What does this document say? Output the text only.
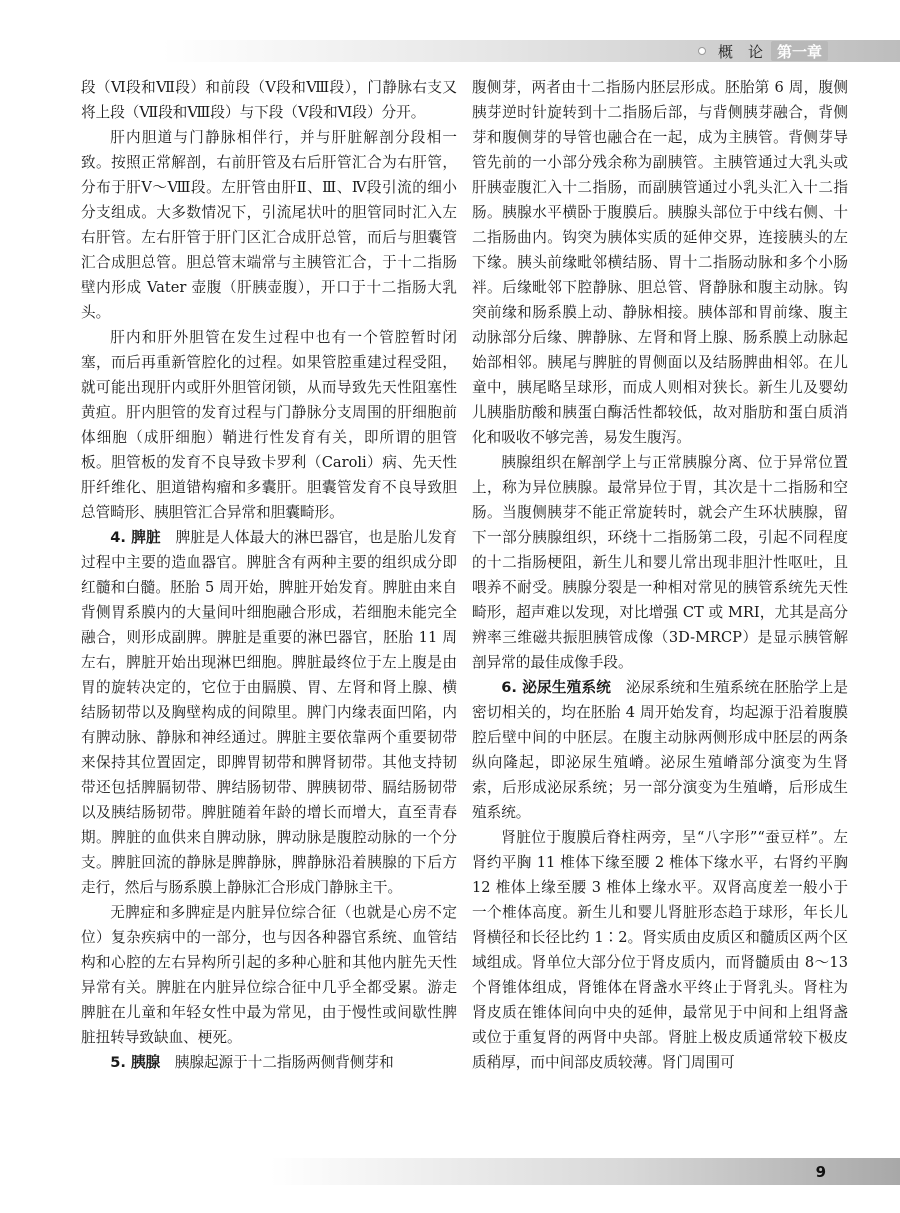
概　论 第一章

段（Ⅵ段和Ⅶ段）和前段（Ⅴ段和Ⅷ段），门静脉右支又将上段（Ⅶ段和Ⅷ段）与下段（Ⅴ段和Ⅵ段）分开。

肝内胆道与门静脉相伴行，并与肝脏解剖分段相一致。按照正常解剖，右前肝管及右后肝管汇合为右肝管，分布于肝Ⅴ～Ⅷ段。左肝管由肝Ⅱ、Ⅲ、Ⅳ段引流的细小分支组成。大多数情况下，引流尾状叶的胆管同时汇入左右肝管。左右肝管于肝门区汇合成肝总管，而后与胆囊管汇合成胆总管。胆总管末端常与主胰管汇合，于十二指肠壁内形成 Vater 壶腹（肝胰壶腹），开口于十二指肠大乳头。

肝内和肝外胆管在发生过程中也有一个管腔暂时闭塞，而后再重新管腔化的过程。如果管腔重建过程受阻，就可能出现肝内或肝外胆管闭锁，从而导致先天性阻塞性黄疸。肝内胆管的发育过程与门静脉分支周围的肝细胞前体细胞（成肝细胞）鞘进行性发育有关，即所谓的胆管板。胆管板的发育不良导致卡罗利（Caroli）病、先天性肝纤维化、胆道错构瘤和多囊肝。胆囊管发育不良导致胆总管畸形、胰胆管汇合异常和胆囊畸形。

4. 脾脏　 脾脏是人体最大的淋巴器官，也是胎儿发育过程中主要的造血器官。脾脏含有两种主要的组织成分即红髓和白髓。胚胎 5 周开始，脾脏开始发育。脾脏由来自背侧胃系膜内的大量间叶细胞融合形成，若细胞未能完全融合，则形成副脾。脾脏是重要的淋巴器官，胚胎 11 周左右，脾脏开始出现淋巴细胞。脾脏最终位于左上腹是由胃的旋转决定的，它位于由膈膜、胃、左肾和肾上腺、横结肠韧带以及胸壁构成的间隙里。脾门内缘表面凹陷，内有脾动脉、静脉和神经通过。脾脏主要依靠两个重要韧带来保持其位置固定，即脾胃韧带和脾肾韧带。其他支持韧带还包括脾膈韧带、脾结肠韧带、脾胰韧带、膈结肠韧带以及胰结肠韧带。脾脏随着年龄的增长而增大，直至青春期。脾脏的血供来自脾动脉，脾动脉是腹腔动脉的一个分支。脾脏回流的静脉是脾静脉，脾静脉沿着胰腺的下后方走行，然后与肠系膜上静脉汇合形成门静脉主干。

无脾症和多脾症是内脏异位综合征（也就是心房不定位）复杂疾病中的一部分，也与因各种器官系统、血管结构和心腔的左右异构所引起的多种心脏和其他内脏先天性异常有关。脾脏在内脏异位综合征中几乎全都受累。游走脾脏在儿童和年轻女性中最为常见，由于慢性或间歇性脾脏扭转导致缺血、梗死。

5. 胰腺　 胰腺起源于十二指肠两侧背侧芽和

腹侧芽，两者由十二指肠内胚层形成。胚胎第 6 周，腹侧胰芽逆时针旋转到十二指肠后部，与背侧胰芽融合，背侧芽和腹侧芽的导管也融合在一起，成为主胰管。背侧芽导管先前的一小部分残余称为副胰管。主胰管通过大乳头或肝胰壶腹汇入十二指肠，而副胰管通过小乳头汇入十二指肠。胰腺水平横卧于腹膜后。胰腺头部位于中线右侧、十二指肠曲内。钩突为胰体实质的延伸交界，连接胰头的左下缘。胰头前缘毗邻横结肠、胃十二指肠动脉和多个小肠袢。后缘毗邻下腔静脉、胆总管、肾静脉和腹主动脉。钩突前缘和肠系膜上动、静脉相接。胰体部和胃前缘、腹主动脉部分后缘、脾静脉、左肾和肾上腺、肠系膜上动脉起始部相邻。胰尾与脾脏的胃侧面以及结肠脾曲相邻。在儿童中，胰尾略呈球形，而成人则相对狭长。新生儿及婴幼儿胰脂肪酸和胰蛋白酶活性都较低，故对脂肪和蛋白质消化和吸收不够完善，易发生腹泻。

胰腺组织在解剖学上与正常胰腺分离、位于异常位置上，称为异位胰腺。最常异位于胃，其次是十二指肠和空肠。当腹侧胰芽不能正常旋转时，就会产生环状胰腺，留下一部分胰腺组织，环绕十二指肠第二段，引起不同程度的十二指肠梗阻，新生儿和婴儿常出现非胆汁性呕吐，且喂养不耐受。胰腺分裂是一种相对常见的胰管系统先天性畸形，超声难以发现，对比增强 CT 或 MRI，尤其是高分辨率三维磁共振胆胰管成像（3D-MRCP）是显示胰管解剖异常的最佳成像手段。

6. 泌尿生殖系统　 泌尿系统和生殖系统在胚胎学上是密切相关的，均在胚胎 4 周开始发育，均起源于沿着腹膜腔后壁中间的中胚层。在腹主动脉两侧形成中胚层的两条纵向隆起，即泌尿生殖嵴。泌尿生殖嵴部分演变为生肾索，后形成泌尿系统；另一部分演变为生殖嵴，后形成生殖系统。

肾脏位于腹膜后脊柱两旁，呈“八字形”“蚕豆样”。左肾约平胸 11 椎体下缘至腰 2 椎体下缘水平，右肾约平胸 12 椎体上缘至腰 3 椎体上缘水平。双肾高度差一般小于一个椎体高度。新生儿和婴儿肾脏形态趋于球形，年长儿肾横径和长径比约 1∶2。肾实质由皮质区和髓质区两个区域组成。肾单位大部分位于肾皮质内，而肾髓质由 8～13 个肾锥体组成，肾锥体在肾盏水平终止于肾乳头。肾柱为肾皮质在锥体间向中央的延伸，最常见于中间和上组肾盏或位于重复肾的两肾中央部。肾脏上极皮质通常较下极皮质稍厚，而中间部皮质较薄。肾门周围可

9
